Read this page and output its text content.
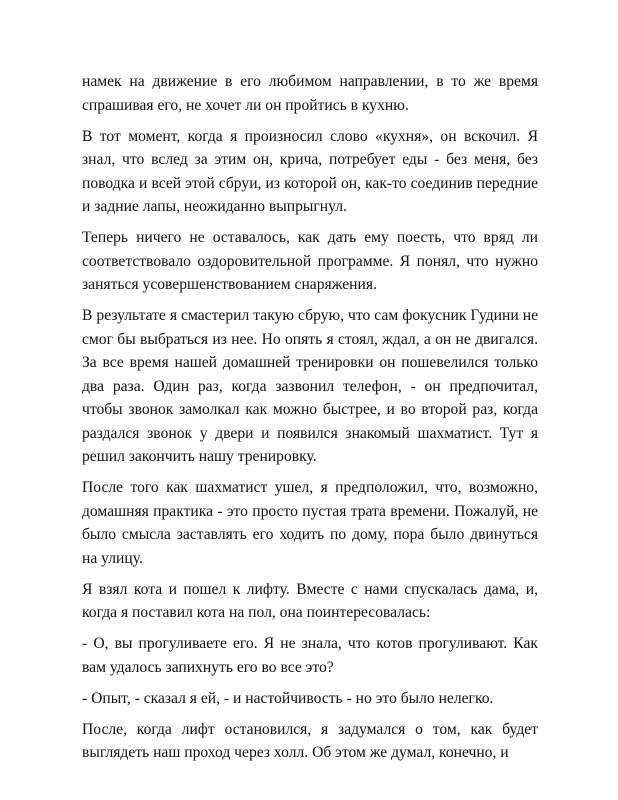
намек на движение в его любимом направлении, в то же время спрашивая его, не хочет ли он пройтись в кухню.

В тот момент, когда я произносил слово «кухня», он вскочил. Я знал, что вслед за этим он, крича, потребует еды - без меня, без поводка и всей этой сбруи, из которой он, как-то соединив передние и задние лапы, неожиданно выпрыгнул.

Теперь ничего не оставалось, как дать ему поесть, что вряд ли соответствовало оздоровительной программе. Я понял, что нужно заняться усовершенствованием снаряжения.

В результате я смастерил такую сбрую, что сам фокусник Гудини не смог бы выбраться из нее. Но опять я стоял, ждал, а он не двигался. За все время нашей домашней тренировки он пошевелился только два раза. Один раз, когда зазвонил телефон, - он предпочитал, чтобы звонок замолкал как можно быстрее, и во второй раз, когда раздался звонок у двери и появился знакомый шахматист. Тут я решил закончить нашу тренировку.

После того как шахматист ушел, я предположил, что, возможно, домашняя практика - это просто пустая трата времени. Пожалуй, не было смысла заставлять его ходить по дому, пора было двинуться на улицу.

Я взял кота и пошел к лифту. Вместе с нами спускалась дама, и, когда я поставил кота на пол, она поинтересовалась:

- О, вы прогуливаете его. Я не знала, что котов прогуливают. Как вам удалось запихнуть его во все это?

- Опыт, - сказал я ей, - и настойчивость - но это было нелегко.

После, когда лифт остановился, я задумался о том, как будет выглядеть наш проход через холл. Об этом же думал, конечно, и
